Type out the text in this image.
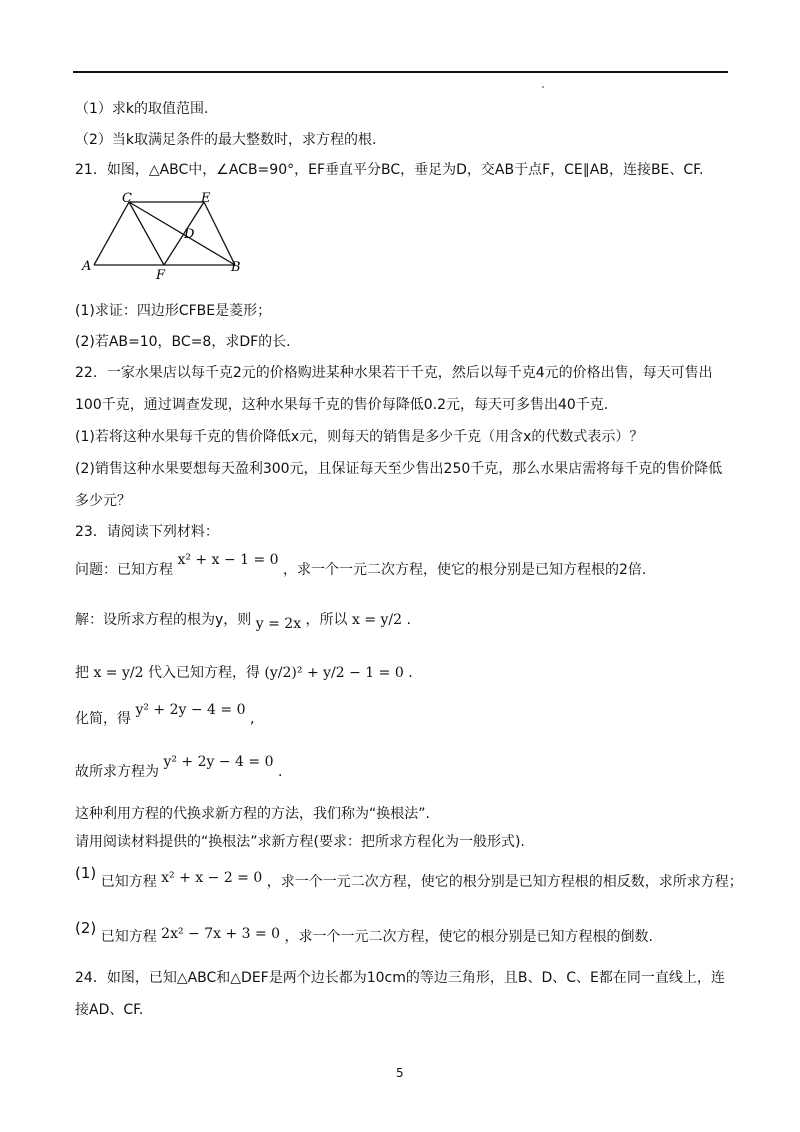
（1）求k的取值范围.
（2）当k取满足条件的最大整数时，求方程的根.
21．如图，△ABC中，∠ACB=90°，EF垂直平分BC，垂足为D，交AB于点F，CE∥AB，连接BE、CF.
C	E
D
A
F
B
(1)求证：四边形CFBE是菱形；
(2)若AB=10，BC=8，求DF的长.
22．一家水果店以每千克2元的价格购进某种水果若干千克，然后以每千克4元的价格出售，每天可售出
100千克，通过调查发现，这种水果每千克的售价每降低0.2元，每天可多售出40千克.
(1)若将这种水果每千克的售价降低x元，则每天的销售是多少千克（用含x的代数式表示）？
(2)销售这种水果要想每天盈利300元，且保证每天至少售出250千克，那么水果店需将每千克的售价降低
多少元？
23．请阅读下列材料：
问题：已知方程 x² + x − 1 = 0 ，求一个一元二次方程，使它的根分别是已知方程根的2倍.
解：设所求方程的根为y，则 y = 2x ，所以 x = y/2 .
把 x = y/2 代入已知方程，得 (y/2)² + y/2 − 1 = 0 .
化简，得 y² + 2y − 4 = 0 ,
故所求方程为 y² + 2y − 4 = 0 .
这种利用方程的代换求新方程的方法，我们称为“换根法”.
请用阅读材料提供的“换根法”求新方程(要求：把所求方程化为一般形式).
(1) 已知方程 x² + x − 2 = 0 ，求一个一元二次方程，使它的根分别是已知方程根的相反数，求所求方程；
(2) 已知方程 2x² − 7x + 3 = 0 ，求一个一元二次方程，使它的根分别是已知方程根的倒数.
24．如图，已知△ABC和△DEF是两个边长都为10cm的等边三角形，且B、D、C、E都在同一直线上，连
接AD、CF.
5
